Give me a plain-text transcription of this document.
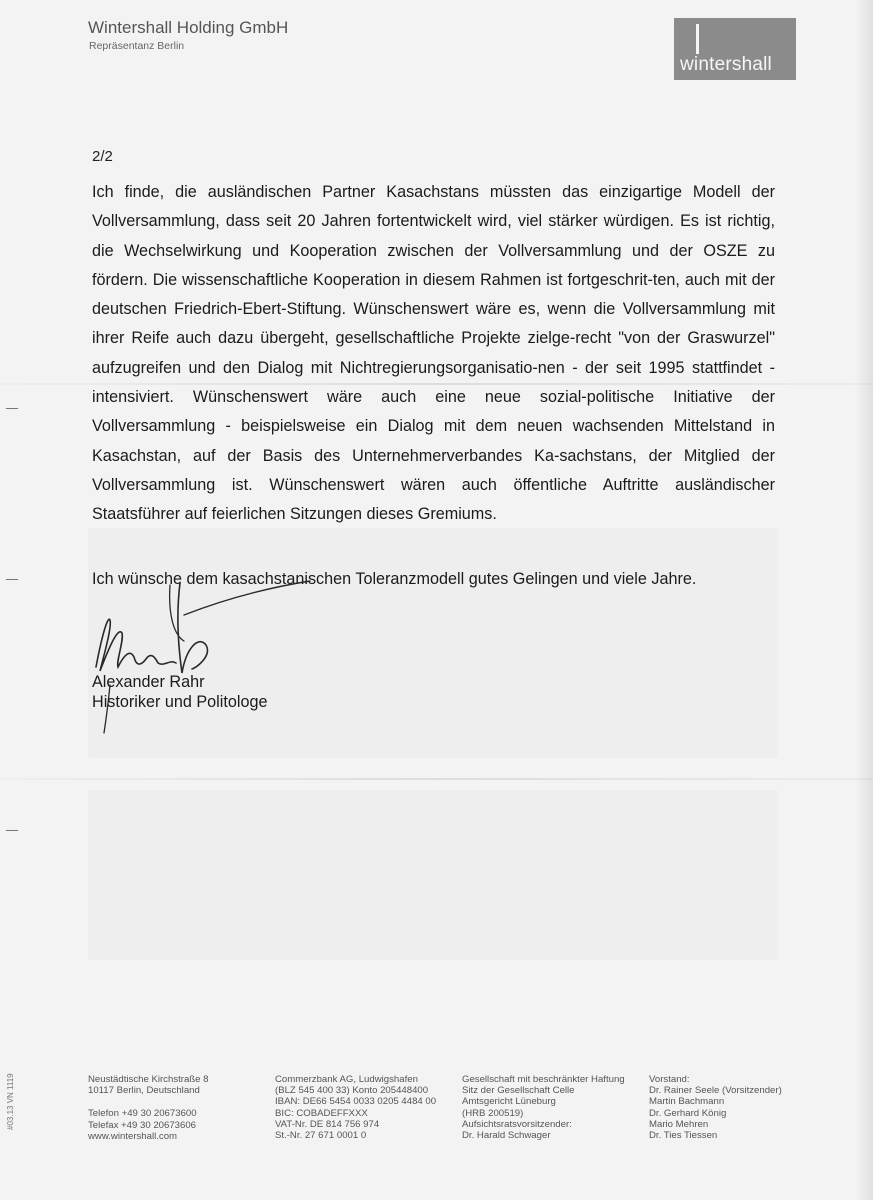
Wintershall Holding GmbH
Repräsentanz Berlin
wintershall
2/2
Ich finde, die ausländischen Partner Kasachstans müssten das einzigartige Modell der Vollversammlung, dass seit 20 Jahren fortentwickelt wird, viel stärker würdigen. Es ist richtig, die Wechselwirkung und Kooperation zwischen der Vollversammlung und der OSZE zu fördern. Die wissenschaftliche Kooperation in diesem Rahmen ist fortgeschrit-ten, auch mit der deutschen Friedrich-Ebert-Stiftung. Wünschenswert wäre es, wenn die Vollversammlung mit ihrer Reife auch dazu übergeht, gesellschaftliche Projekte zielge-recht "von der Graswurzel" aufzugreifen und den Dialog mit Nichtregierungsorganisatio-nen - der seit 1995 stattfindet - intensiviert. Wünschenswert wäre auch eine neue sozial-politische Initiative der Vollversammlung - beispielsweise ein Dialog mit dem neuen wachsenden Mittelstand in Kasachstan, auf der Basis des Unternehmerverbandes Ka-sachstans, der Mitglied der Vollversammlung ist. Wünschenswert wären auch öffentliche Auftritte ausländischer Staatsführer auf feierlichen Sitzungen dieses Gremiums.
Ich wünsche dem kasachstanischen Toleranzmodell gutes Gelingen und viele Jahre.
Alexander Rahr
Historiker und Politologe
Neustädtische Kirchstraße 8
10117 Berlin, Deutschland
Telefon +49 30 20673600
Telefax +49 30 20673606
www.wintershall.com
Commerzbank AG, Ludwigshafen
(BLZ 545 400 33) Konto 205448400
IBAN: DE66 5454 0033 0205 4484 00
BIC: COBADEFFXXX
VAT-Nr. DE 814 756 974
St.-Nr. 27 671 0001 0
Gesellschaft mit beschränkter Haftung
Sitz der Gesellschaft Celle
Amtsgericht Lüneburg
(HRB 200519)
Aufsichtsratsvorsitzender:
Dr. Harald Schwager
Vorstand:
Dr. Rainer Seele (Vorsitzender)
Martin Bachmann
Dr. Gerhard König
Mario Mehren
Dr. Ties Tiessen
#03.13 VN 1119
